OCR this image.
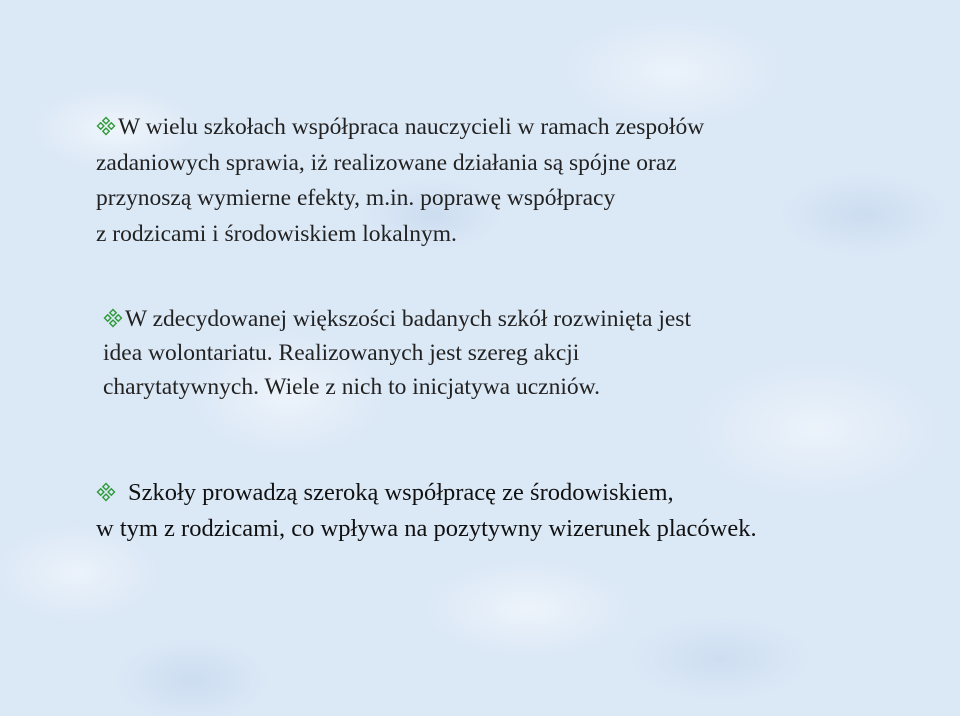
W wielu szkołach współpraca nauczycieli w ramach zespołów

zadaniowych sprawia, iż realizowane działania są spójne oraz

przynoszą wymierne efekty, m.in. poprawę współpracy

z rodzicami i środowiskiem lokalnym.

W zdecydowanej większości badanych szkół rozwinięta jest

idea wolontariatu. Realizowanych jest szereg akcji

charytatywnych. Wiele z nich to inicjatywa uczniów.

Szkoły prowadzą szeroką współpracę ze środowiskiem,

w tym z rodzicami, co wpływa na pozytywny wizerunek placówek.
